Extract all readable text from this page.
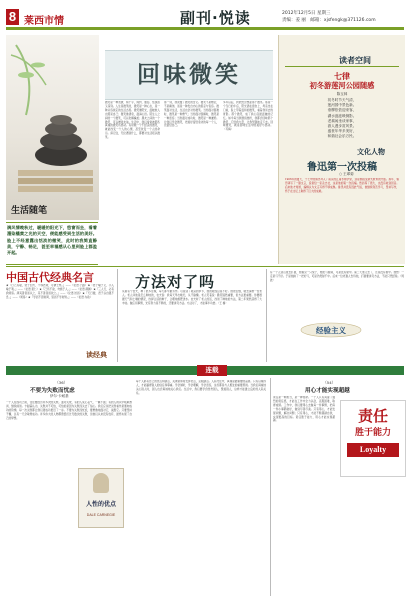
8 莱西市情	副刊·悦读	2012年12月5日 星期三
责编：姜 丽　邮箱：xjsfengk@371126.com
回味微笑
生活随笔
满风情晚秋过，暖暖的阳光下，悠窗而坐，看着漫染橘黄之光的天空，便能感受到生活的美好。脸上不经意露出恬淡的微笑，此时的我简直静美，宁静、畅足，甚至幸福感从心里到脸上都盈开起。
微笑是一种表情，两个字，简约、通俗、恬淡而又深刻。人生是微笑的，微笑是一种心态，是一种从容淡定的生活态度。微笑像阳光，温暖他人也照亮自己；微笑像清泉，滋润心田。陌生人之间的一个微笑，可以化解尴尬；朋友之间的一个微笑，可以增进友谊。生活中，我们常常被那些真诚的微笑所感动。有时候一个不经意的微笑，就能改变一个人的心情，甚至改变一个人的命运。请记住，无论遇到什么，都要对生活报以微笑。
那一刻，我读懂了微笑的含义。微笑不是敷衍，不是掩饰，而是一种发自内心的善意与包容。微笑面对生活，生活也会对你微笑。当你面对困难时，微笑是一种勇气；当你面对误解时，微笑是一种宽容；当你面对成功时，微笑是一种谦逊。让我们学会微笑，把美好留给身边的每一个人，也留给自己。
多年以后，我依然会想起那个微笑。那是一个冬日的午后，阳光洒在窗台上，母亲坐在门前，脸上带着温和的微笑，看着我远去的背影。那个微笑，成了我心底最温暖的记忆。如今每当我遇到挫折，我都会回味那个微笑，它给我力量，让我坚强地走下去。回味微笑，就是回味生活中的美好与感动。（苏梅）
读者空间
七律
初冬游莲河公园随感
陈玉林
初冬时节天气清，
莲河园中景色新。
垂柳依依迎来客，
湖水涟涟映倒影。
老翁闲坐谈家事，
游人漫步赏风景。
盛世年华多美好，
和谐社会乐万民。
文化人物
鲁迅第一次投稿
○ 王翠菊
1906年的夏天，十七岁的鲁迅考入了南京的江南水师学堂，这是他接受新式教育的开始。那年，鲁迅译写了一篇文章，投寄给一家杂志社，这是他的第一次投稿。然而等了很久，也没有收到回音。后来他才知道，编辑认为文章写得不够成熟。鲁迅并没有因此气馁，他继续刻苦学习，坚持写作，终于在文坛上取得了巨大的成就。
中国古代经典名言
★『行己有耻，使于四方，不辱君命，可谓士矣。』——《论语·子路》★『君子喻于义，小人喻于利。』——《论语·里仁》★『己所不欲，勿施于人。』——《论语·颜渊》★『三人行，必有我师焉。择其善者而从之，其不善者而改之。』——《论语·述而》★『天行健，君子以自强不息。』——《周易》★『学而不思则罔，思而不学则殆。』——《论语·为政》
读经典
方法对了吗
从前有个农夫，种了很多庄稼，每天都辛勤劳作。可是到了收获的季节，他的收成总是不好。他很苦恼，就去请教一位老人。老人问他是怎么种地的，农夫说：我每天早出晚归，从不偷懒。老人笑着说：勤劳固然重要，但方法更重要。你要根据天气和土壤的情况，选择合适的种子，合理地施肥浇水。农夫听了老人的话，改进了种地的方法，第二年果然获得了大丰收。做任何事情，光有努力是不够的，还要讲究方法。方法对了，才能事半功倍。（王 楠）
有一个人到山里去打猎，他看见一只兔子，便拉弓射箭，可是没有射中。第二天他又去了，还是没有射中。他想：一定是弓不好。于是他换了一把好弓，可是仍然射不中。后来一位老猎人告诉他，打猎要讲究方法，不能只凭经验。（周 波）
经验主义
连载
（36）
不要为失败而忧虑
伊尔·卡耐基
一个人在成功之前，往往要经历许多次的失败。面对失败，有的人灰心丧气，一蹶不振；有的人则从中吸取教训，继续前进。卡耐基认为，失败并不可怕，可怕的是因为失败而失去了信心。我们应该把失败看作是通向成功的阶梯，每一次失败都让我们离成功更近了一步。不要为失败而忧虑，要勇敢地面对它，战胜它。只要坚持不懈，总有一天会取得成功。许多伟大的人物都曾经历过无数次的失败，但他们从来没有放弃，最终实现了自己的梦想。
人性的优点
DALE CARNEGIE
每个人都有自己的优点和缺点，关键是如何发挥优点，克服缺点。人际交往中，真诚是最重要的品质。只有以诚待人，才能赢得别人的信任和尊重。学会倾听，学会理解，学会宽容，这些都是与人相处的重要原则。当我们真诚地关心别人时，别人也会真诚地关心我们。生活中，我们要学会欣赏别人，赞美别人，这样才能建立良好的人际关系。
（54）
用心才能实现超越
责任是一种担当，是一种使命。一个人只有具备了强烈的责任感，才能在工作中全力以赴，克服困难，取得成绩。工作中，我们要用心去做每一件事情，把每一件小事都做好，做到尽善尽美。只有用心，才能发现问题，解决问题；只有用心，才能不断超越自我，实现更高的目标。责任胜于能力，用心才能实现超越。	责任
胜于能力
Loyalty
